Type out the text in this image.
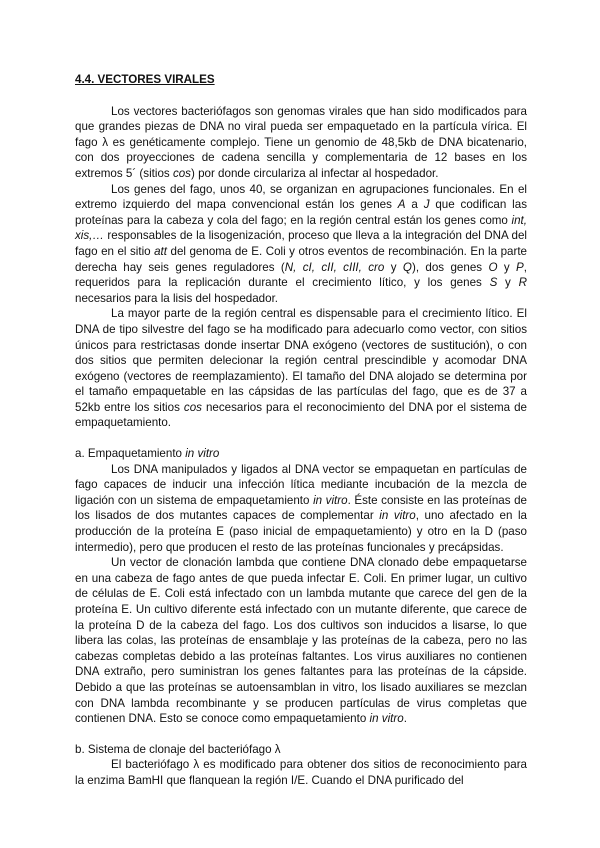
4.4. VECTORES VIRALES

Los vectores bacteriófagos son genomas virales que han sido modificados para que grandes piezas de DNA no viral pueda ser empaquetado en la partícula vírica. El fago λ es genéticamente complejo. Tiene un genomio de 48,5kb de DNA bicatenario, con dos proyecciones de cadena sencilla y complementaria de 12 bases en los extremos 5´ (sitios cos) por donde circulariza al infectar al hospedador.

Los genes del fago, unos 40, se organizan en agrupaciones funcionales. En el extremo izquierdo del mapa convencional están los genes A a J que codifican las proteínas para la cabeza y cola del fago; en la región central están los genes como int, xis,… responsables de la lisogenización, proceso que lleva a la integración del DNA del fago en el sitio att del genoma de E. Coli y otros eventos de recombinación. En la parte derecha hay seis genes reguladores (N, cI, cII, cIII, cro y Q), dos genes O y P, requeridos para la replicación durante el crecimiento lítico, y los genes S y R necesarios para la lisis del hospedador.

La mayor parte de la región central es dispensable para el crecimiento lítico. El DNA de tipo silvestre del fago se ha modificado para adecuarlo como vector, con sitios únicos para restrictasas donde insertar DNA exógeno (vectores de sustitución), o con dos sitios que permiten delecionar la región central prescindible y acomodar DNA exógeno (vectores de reemplazamiento). El tamaño del DNA alojado se determina por el tamaño empaquetable en las cápsidas de las partículas del fago, que es de 37 a 52kb entre los sitios cos necesarios para el reconocimiento del DNA por el sistema de empaquetamiento.

a. Empaquetamiento in vitro

Los DNA manipulados y ligados al DNA vector se empaquetan en partículas de fago capaces de inducir una infección lítica mediante incubación de la mezcla de ligación con un sistema de empaquetamiento in vitro. Éste consiste en las proteínas de los lisados de dos mutantes capaces de complementar in vitro, uno afectado en la producción de la proteína E (paso inicial de empaquetamiento) y otro en la D (paso intermedio), pero que producen el resto de las proteínas funcionales y precápsidas.

Un vector de clonación lambda que contiene DNA clonado debe empaquetarse en una cabeza de fago antes de que pueda infectar E. Coli. En primer lugar, un cultivo de células de E. Coli está infectado con un lambda mutante que carece del gen de la proteína E. Un cultivo diferente está infectado con un mutante diferente, que carece de la proteína D de la cabeza del fago. Los dos cultivos son inducidos a lisarse, lo que libera las colas, las proteínas de ensamblaje y las proteínas de la cabeza, pero no las cabezas completas debido a las proteínas faltantes. Los virus auxiliares no contienen DNA extraño, pero suministran los genes faltantes para las proteínas de la cápside. Debido a que las proteínas se autoensamblan in vitro, los lisado auxiliares se mezclan con DNA lambda recombinante y se producen partículas de virus completas que contienen DNA. Esto se conoce como empaquetamiento in vitro.

b. Sistema de clonaje del bacteriófago λ

El bacteriófago λ es modificado para obtener dos sitios de reconocimiento para la enzima BamHI que flanquean la región I/E. Cuando el DNA purificado del
